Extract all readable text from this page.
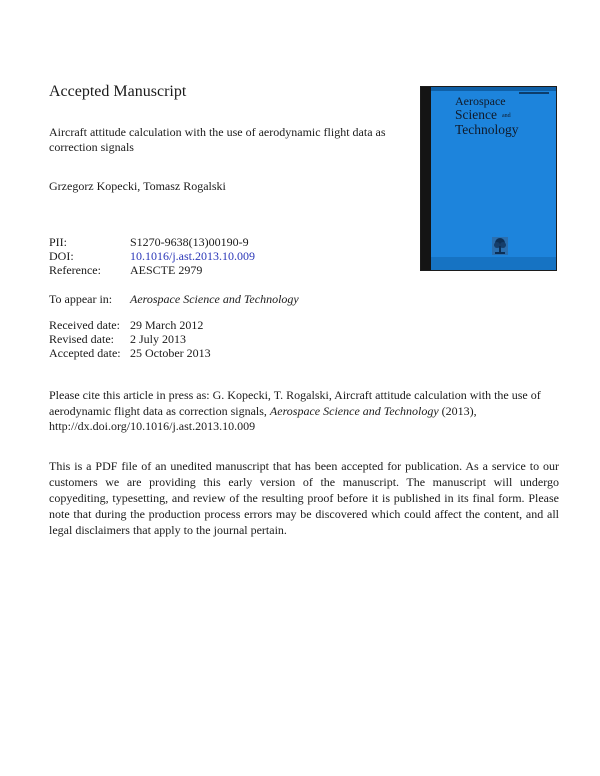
Accepted Manuscript
Aircraft attitude calculation with the use of aerodynamic flight data as correction signals
Grzegorz Kopecki, Tomasz Rogalski
PII:	S1270-9638(13)00190-9
DOI:	10.1016/j.ast.2013.10.009
Reference: AESCTE 2979
To appear in: Aerospace Science and Technology
Received date: 29 March 2012
Revised date: 2 July 2013
Accepted date: 25 October 2013
Please cite this article in press as: G. Kopecki, T. Rogalski, Aircraft attitude calculation with the use of aerodynamic flight data as correction signals, Aerospace Science and Technology (2013), http://dx.doi.org/10.1016/j.ast.2013.10.009
This is a PDF file of an unedited manuscript that has been accepted for publication. As a service to our customers we are providing this early version of the manuscript. The manuscript will undergo copyediting, typesetting, and review of the resulting proof before it is published in its final form. Please note that during the production process errors may be discovered which could affect the content, and all legal disclaimers that apply to the journal pertain.
Aerospace
Science and
Technology
